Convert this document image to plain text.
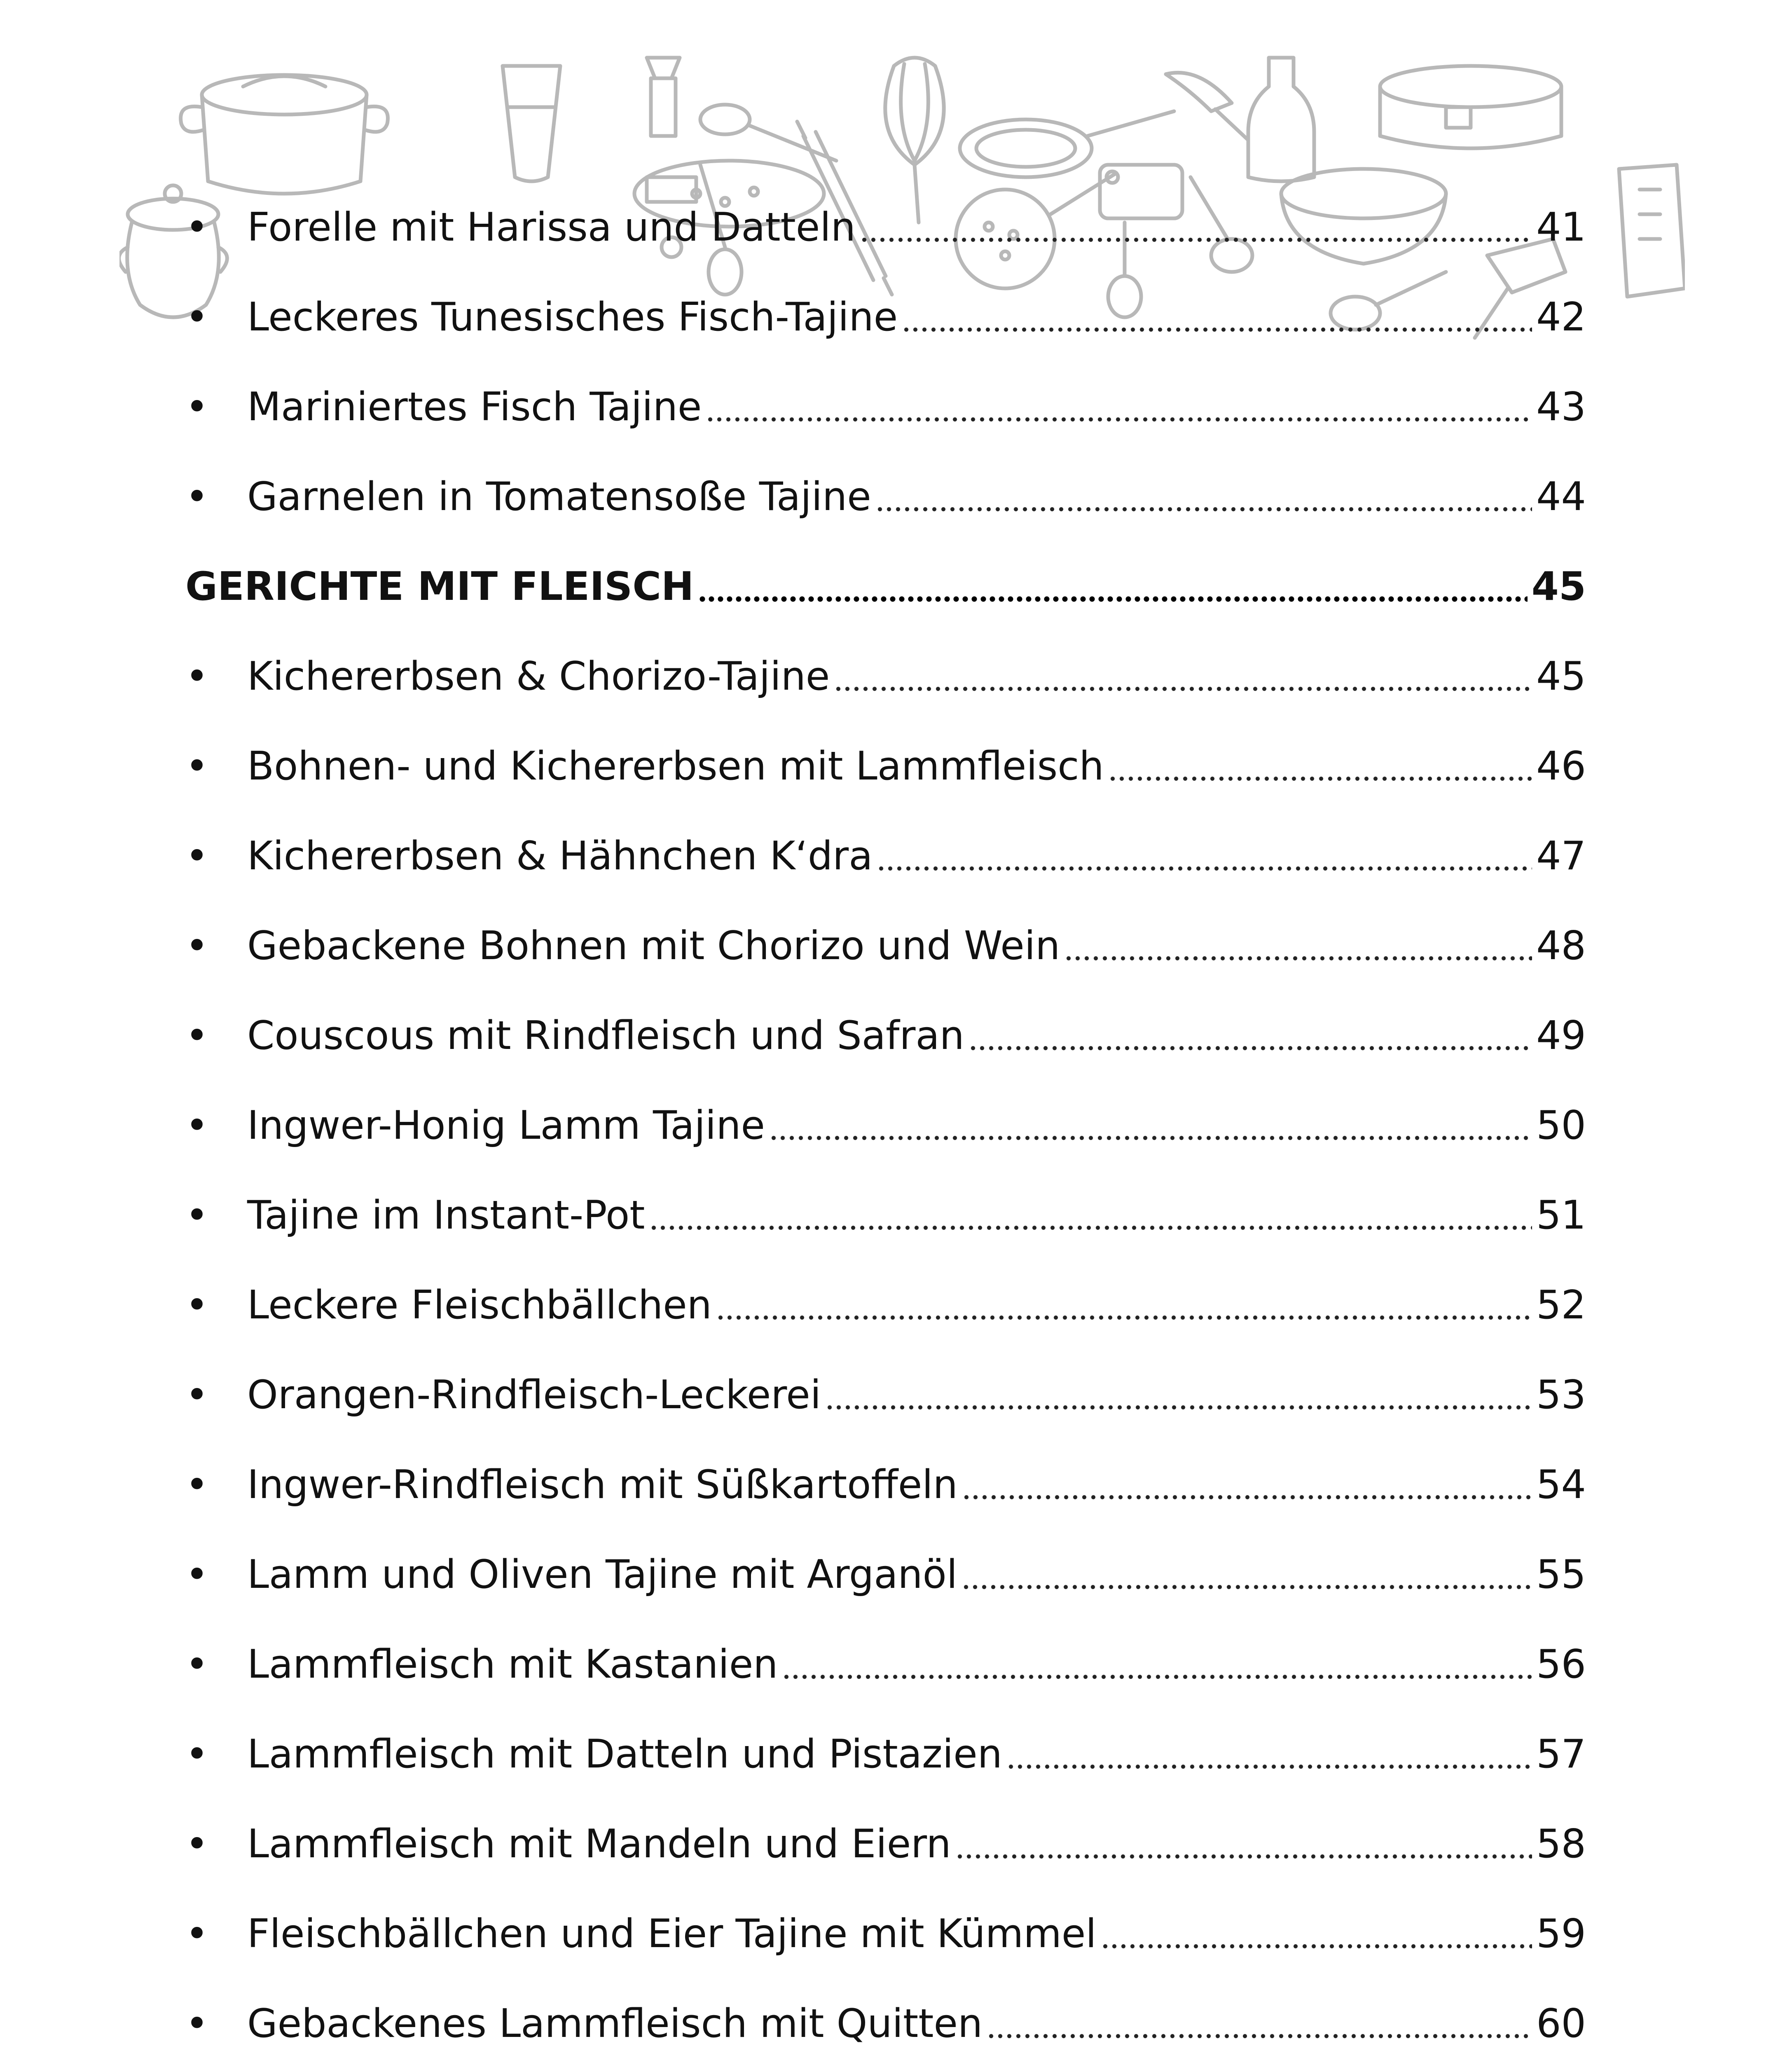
• Forelle mit Harissa und Datteln	41
• Leckeres Tunesisches Fisch-Tajine	42
• Mariniertes Fisch Tajine	43
• Garnelen in Tomatensoße Tajine	44
GERICHTE MIT FLEISCH	45
• Kichererbsen & Chorizo-Tajine	45
• Bohnen- und Kichererbsen mit Lammfleisch	46
• Kichererbsen & Hähnchen K‘dra	47
• Gebackene Bohnen mit Chorizo und Wein	48
• Couscous mit Rindfleisch und Safran	49
• Ingwer-Honig Lamm Tajine	50
• Tajine im Instant-Pot	51
• Leckere Fleischbällchen	52
• Orangen-Rindfleisch-Leckerei	53
• Ingwer-Rindfleisch mit Süßkartoffeln	54
• Lamm und Oliven Tajine mit Arganöl	55
• Lammfleisch mit Kastanien	56
• Lammfleisch mit Datteln und Pistazien	57
• Lammfleisch mit Mandeln und Eiern	58
• Fleischbällchen und Eier Tajine mit Kümmel	59
• Gebackenes Lammfleisch mit Quitten	60
